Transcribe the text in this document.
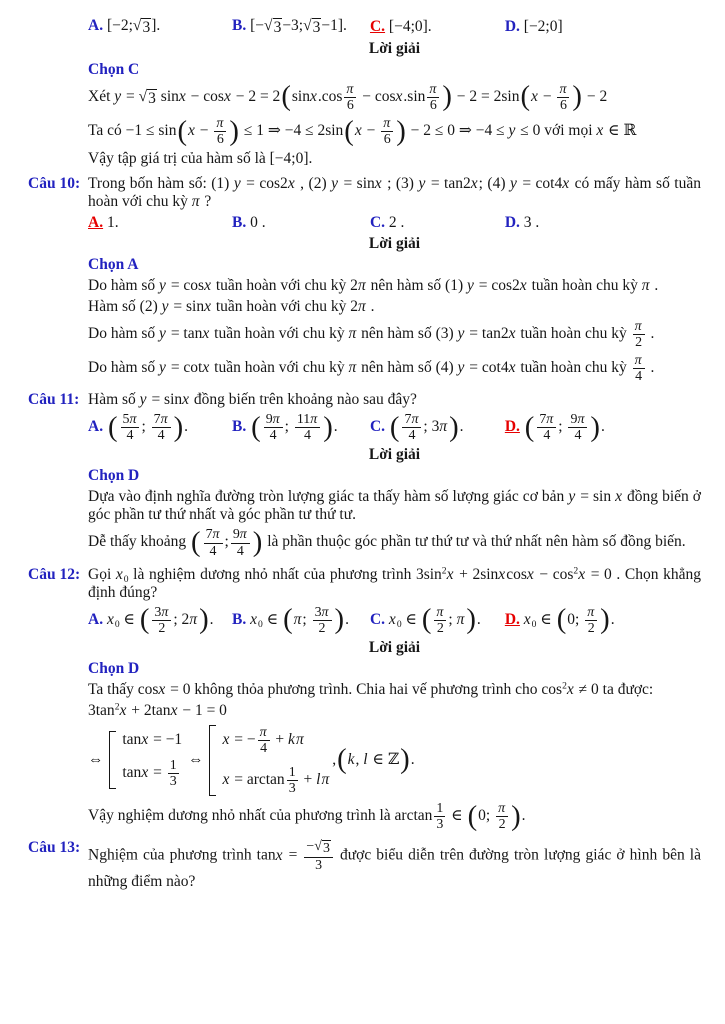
A. [−2; √ 3 ].	B. [− √ 3 −3; √ 3 −1].	C. [−4;0].	D. [−2;0]
Lời giải
Chọn C
Xét y = √ 3 $\sin x - \cos x - 2 = 2(\sin x.\cos \frac{\pi}{6} - \cos x.\sin \frac{\pi}{6}$ ) − $2 = 2\sin(x - \frac{\pi}{6}$ ) − 2
Ta có $-1 \le \sin(x - \frac{\pi}{6}$ ) ≤ 1 ⇒ $-4 \le 2\sin(x - \frac{\pi}{6}$ ) − 2 ≤ 0 ⇒ −4 ≤ y ≤ 0 với mọi x ∈ ℝ
Vậy tập giá trị của hàm số là [−4;0].
Câu 10: Trong bốn hàm số: (1) y = cos2x , (2) y = sinx ; (3) y = tan2x; (4) y = cot4x có mấy hàm số tuần hoàn với chu kỳ π ?
A. 1.	B. 0 .	C. 2 .	D. 3 .
Lời giải
Chọn A
Do hàm số y = cosx tuần hoàn với chu kỳ 2π nên hàm số (1) y = cos2x tuần hoàn chu kỳ π .
Hàm số (2) y = sinx tuần hoàn với chu kỳ 2π .
Do hàm số y = tanx tuần hoàn với chu kỳ π nên hàm số (3) y = tan2x tuần hoàn chu kỳ $\frac{\pi}{2}$ .
Do hàm số y = cotx tuần hoàn với chu kỳ π nên hàm số (4) y = cot4x tuần hoàn chu kỳ $\frac{\pi}{4}$ .
Câu 11: Hàm số y = sinx đồng biến trên khoảng nào sau đây?
A. ( $\frac{5\pi}{4}$ ; $\frac{7\pi}{4}$ ).	B. ( $\frac{9\pi}{4}$ ; $\frac{11\pi}{4}$ ).	C. ( $\frac{7\pi}{4}$ ; 3π).	D. ( $\frac{7\pi}{4}$ ; $\frac{9\pi}{4}$ ).
Lời giải
Chọn D
Dựa vào định nghĩa đường tròn lượng giác ta thấy hàm số lượng giác cơ bản y = sin x đồng biến ở góc phần tư thứ nhất và góc phần tư thứ tư.
Dễ thấy khoảng ( $\frac{7\pi}{4}$ ; $\frac{9\pi}{4}$ ) là phần thuộc góc phần tư thứ tư và thứ nhất nên hàm số đồng biến.
Câu 12: Gọi x0 là nghiệm dương nhỏ nhất của phương trình $3\sin^2x$ + 2sinxcosx − $\cos^2x = 0$ . Chọn khẳng định đúng?
A. x0 ∈ ( $\frac{3\pi}{2}$ ; 2π).	B. x0 ∈ (π; $\frac{3\pi}{2}$ ).	C. x0 ∈ ( $\frac{\pi}{2}$ ; π).	D. x0 ∈ (0; $\frac{\pi}{2}$ ).
Lời giải
Chọn D
Ta thấy cosx = 0 không thỏa phương trình. Chia hai vế phương trình cho $\cos^2x \ne 0$ ta được:
$3\tan^2x + 2\tan x - 1 = 0$
⇔
tanx = −1
$\tan x = \frac{1}{3}$ ⇔
x = − $\frac{\pi}{4} + k\pi$
$x = \arctan \frac{1}{3} + l\pi$
,(k, l ∈ ℤ).
Vậy nghiệm dương nhỏ nhất của phương trình là $\arctan \frac{1}{3}$ ∈ (0; $\frac{\pi}{2}$ ).
Câu 13: Nghiệm của phương trình $\tan x = \frac{- √ 3}{3}$ được biểu diễn trên đường tròn lượng giác ở hình bên là những điểm nào?
